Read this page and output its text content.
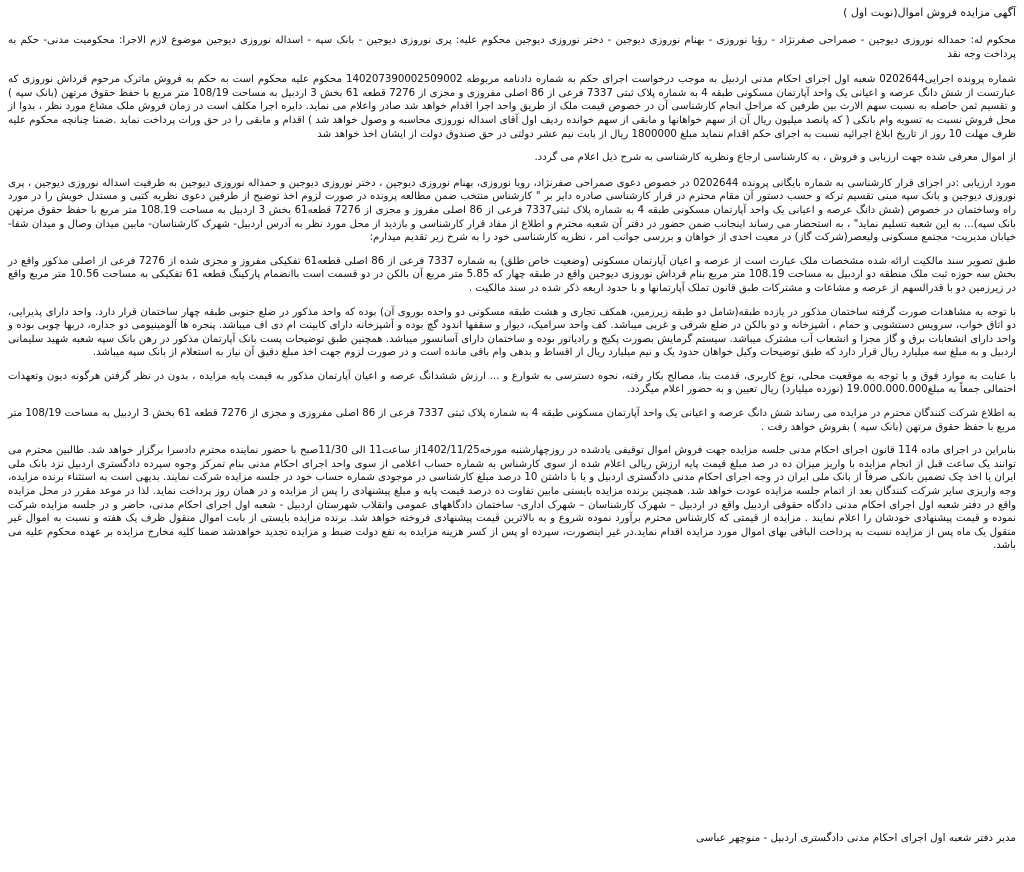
آگهی مزایده فروش اموال(نوبت اول )

محکوم له: حمداله نوروزی دیوجین - صمراحی صفرنژاد - رؤیا نوروزی - بهنام نوروزی دیوجین - دختر نوروزی دیوجین محکوم علیه: پری نوروزی دیوجین - بانک سپه - اسداله نوروزی دیوجین موضوع لازم الاجرا: محکومیت مدنی- حکم به پرداخت وجه نقد

شماره پرونده اجرایی0202644 شعبه اول اجرای احکام مدنی اردبیل به موجب درخواست اجرای حکم به شماره دادنامه مربوطه 140207390002509002 محکوم علیه محکوم است به حکم به فروش ماترک مرحوم قرداش نوروزی که عبارتست از شش دانگ عرصه و اعیانی یک واحد آپارتمان مسکونی طبقه 4 به شماره پلاک ثبتی 7337 فرعی از 86 اصلی مفروزی و مجزی از 7276 قطعه 61 بخش 3 اردبیل به مساحت 108/19 متر مربع با حفظ حقوق مرتهن (بانک سپه ) و تقسیم ثمن حاصله به نسبت سهم الارث بین طرفین که مراحل انجام کارشناسی آن در خصوص قیمت ملک از طریق واحد اجرا اقدام خواهد شد صادر واعلام می نماید. دایره اجرا مکلف است در زمان فروش ملک مشاع مورد نظر ، بدوا از محل فروش نسبت به تسویه وام بانکی ( که پانصد میلیون ریال آن از سهم خواهانها و مابقی از سهم خوانده ردیف اول آقای اسداله نوروزی محاسبه و وصول خواهد شد ) اقدام و مابقی را در حق ورات پرداخت نماید .ضمنا چنانچه محکوم علیه ظرف مهلت 10 روز از تاریخ ابلاغ اجرائیه نسبت به اجرای حکم اقدام ننماید مبلغ 1800000 ریال از بابت نیم عشر دولتی در حق صندوق دولت از ایشان اخذ خواهد شد

از اموال معرفی شده جهت ارزیابی و فروش ، به کارشناسی ارجاع ونظریه کارشناسی به شرح ذیل اعلام می گردد.

مورد ارزیابی :در اجرای قرار کارشناسی به شماره بایگانی پرونده 0202644 در خصوص دعوی صمراحی صفرنژاد، رویا نوروزی، بهنام نوروزی دیوجین ، دختر نوروزی دیوجین و حمداله نوروزی دیوجین به طرفیت اسداله نوروزی دیوجین ، پری نوروزی دیوجین و بانک سپه مبنی تقسیم ترکه و حسب دستور آن مقام محترم در قرار کارشناسی صادره دایر بر " کارشناس منتخب ضمن مطالعه پرونده در صورت لزوم اخذ توضیح از طرفین دعوی نظریه کتبی و مستدل خویش را در مورد راه وساختمان در خصوص (شش دانگ عرصه و اعیانی یک واحد آپارتمان مسکونی طبقه 4 به شماره پلاک ثبتی7337 فرعی از 86 اصلی مفروز و مجزی از 7276 قطعه61 بخش 3 اردبیل به مساحت 108.19 متر مربع با حفظ حقوق مرتهن بانک سپه)... به این شعبه تسلیم نماید" ، به استحضار می رساند اینجانب ضمن حضور در دفتر آن شعبه محترم و اطلاع از مفاد قرار کارشناسی و بازدید از محل مورد نظر به آدرس اردبیل- شهرک کارشناسان- مابین میدان وصال و میدان شفا- خیابان مدیریت- مجتمع مسکونی ولیعصر(شرکت گاز) در معیت احدی از خواهان و بررسی جوانب امر ، نظریه کارشناسی خود را به شرح زیر تقدیم میدارم:

طبق تصویر سند مالکیت ارائه شده مشخصات ملک عبارت است از عرصه و اعیان آپارتمان مسکونی (وضعیت خاص طلق) به شماره 7337 فرعی از 86 اصلی قطعه61 تفکیکی مفروز و مجزی شده از 7276 فرعی از اصلی مذکور واقع در بخش سه حوزه ثبت ملک منطقه دو اردبیل به مساحت 108.19 متر مربع بنام قرداش نوروزی دیوجین واقع در طبقه چهار که 5.85 متر مربع آن بالکن در دو قسمت است باانضمام پارکینگ قطعه 61 تفکیکی به مساحت 10.56 متر مربع واقع در زیرزمین دو با قدرالسهم از عرصه و مشاعات و مشترکات طبق قانون تملک آپارتمانها و با حدود اربعه ذکر شده در سند مالکیت .

با توجه به مشاهدات صورت گرفته ساختمان مذکور در یازده طبقه(شامل دو طبقه زیرزمین، همکف تجاری و هشت طبقه مسکونی دو واحده بوروی آن) بوده که واحد مذکور در ضلع جنوبی طبقه چهار ساختمان قرار دارد. واحد دارای پذیرایی، دو اتاق خواب، سرویس دستشویی و حمام ، آشپزخانه و دو بالکن در ضلع شرقی و غربی میباشد. کف واحد سرامیک، دیوار و سقفها اندود گچ بوده و آشپزخانه دارای کابینت ام دی اف میباشد. پنجره ها آلومینیومی دو جداره، دربها چوبی بوده و واحد دارای انشعابات برق و گاز مجزا و انشعاب آب مشترک میباشد. سیستم گرمایش بصورت پکیج و رادیاتور بوده و ساختمان دارای آسانسور میباشد. همچنین طبق توضیحات پست بانک آپارتمان مذکور در رهن بانک سپه شعبه شهید سلیمانی اردبیل و به مبلغ سه میلیارد ریال قرار دارد که طبق توضیحات وکیل خواهان حدود یک و نیم میلیارد ریال از اقساط و بدهی وام باقی مانده است و در صورت لزوم جهت اخذ مبلغ دقیق آن نیاز به استعلام از بانک سپه میباشد.

با عنایت به موارد فوق و با توجه به موقعیت محلی، نوع کاربری، قدمت بنا، مصالح بکار رفته، نحوه دسترسی به شوارع و ... ارزش ششدانگ عرصه و اعیان آپارتمان مذکور به قیمت پایه مزایده ، بدون در نظر گرفتن هرگونه دیون وتعهدات احتمالی جمعاً به مبلغ19.000.000.000 (نوزده میلیارد) ریال تعیین و به حضور اعلام میگردد.

به اطلاع شرکت کنندگان محترم در مزایده می رساند شش دانگ عرصه و اعیانی یک واحد آپارتمان مسکونی طبقه 4 به شماره پلاک ثبتی 7337 فرعی از 86 اصلی مفروزی و مجزی از 7276 قطعه 61 بخش 3 اردبیل به مساحت 108/19 متر مربع با حفظ حقوق مرتهن (بانک سپه ) بفروش خواهد رفت .

بنابراین در اجرای ماده 114 قانون اجرای احکام مدنی جلسه مزایده جهت فروش اموال توقیفی یادشده در روزچهارشنبه مورخه1402/11/25از ساعت11 الی 11/30صبح با حضور نماینده محترم دادسرا برگزار خواهد شد. طالبین محترم می توانند یک ساعت قبل از انجام مزایده با واریز میزان ده در صد مبلغ قیمت پایه ارزش ریالی اعلام شده از سوی کارشناس به شماره حساب اعلامی از سوی واحد اجرای احکام مدنی بنام تمرکز وجوه سپرده دادگستری اردبیل نزد بانک ملی ایران یا اخذ چک تضمین بانکی صرفاً از بانک ملی ایران در وجه اجرای احکام مدنی دادگستری اردبیل و یا با داشتن 10 درصد مبلغ کارشناسی در موجودی شماره حساب خود در جلسه مزایده شرکت نمایند. بدیهی است به استثناء برنده مزایده، وجه واریزی سایر شرکت کنندگان بعد از اتمام جلسه مزایده عودت خواهد شد. همچنین برنده مزایده بایستی مابین تفاوت ده درصد قیمت پایه و مبلغ پیشنهادی را پس از مزایده و در همان روز پرداخت نماید. لذا در موعد مقرر در محل مزایده واقع در دفتر شعبه اول اجرای احکام مدنی دادگاه حقوقی اردبیل واقع در اردبیل – شهرک کارشناسان – شهرک اداری- ساختمان دادگاههای عمومی وانقلاب شهرستان اردبیل - شعبه اول اجرای احکام مدنی، حاضر و در جلسه مزایده شرکت نموده و قیمت پیشنهادی خودشان را اعلام نمایند . مزایده از قیمتی که کارشناس محترم برآورد نموده شروع و به بالاترین قیمت پیشنهادی فروخته خواهد شد. برنده مزایده بایستی از بابت اموال منقول ظرف یک هفته و نسبت به اموال غیر منقول یک ماه پس از مزایده نسبت به پرداخت الباقی بهای اموال مورد مزایده اقدام نماید.در غیر اینصورت، سپرده او پس از کسر هزینه مزایده به نفع دولت ضبط و مزایده تجدید خواهدشد ضمنا کلیه مخارج مزایده بر عهده محکوم علیه می باشد.

مدیر دفتر شعبه اول اجرای احکام مدنی دادگستری اردبیل - منوچهر عباسی
